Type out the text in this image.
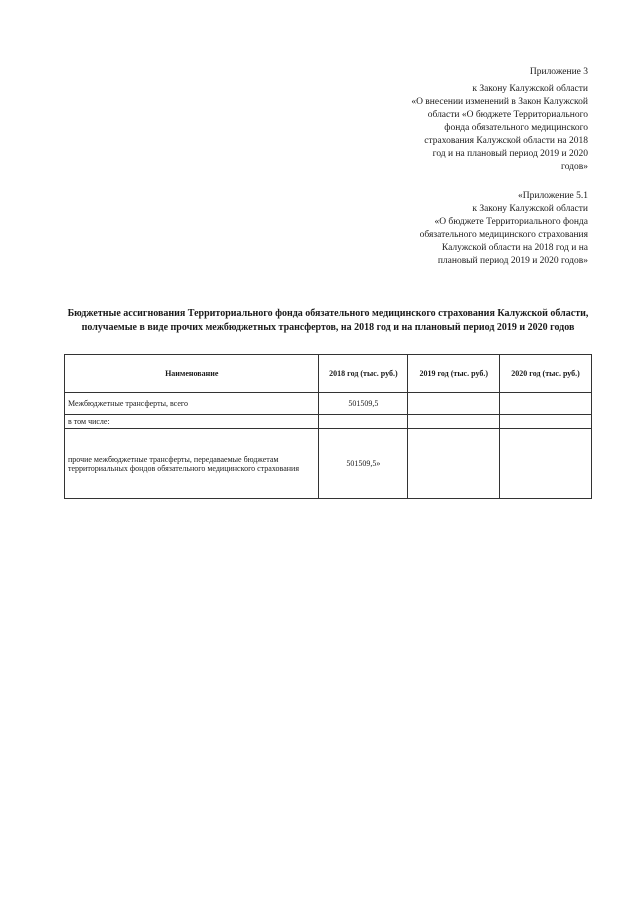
Приложение 3
к Закону Калужской области
«О внесении изменений в Закон Калужской
области «О бюджете Территориального
фонда обязательного медицинского
страхования Калужской области на 2018
год и на плановый период 2019 и 2020
годов»
«Приложение 5.1
к Закону Калужской области
«О бюджете Территориального фонда
обязательного медицинского страхования
Калужской области на 2018 год и на
плановый период 2019 и 2020 годов»
Бюджетные ассигнования Территориального фонда обязательного медицинского страхования Калужской области,
получаемые в виде прочих межбюджетных трансфертов, на 2018 год и на плановый период 2019 и 2020 годов
Наименование	2018 год (тыс. руб.)	2019 год (тыс. руб.)	2020 год (тыс. руб.)
Межбюджетные трансферты, всего	501509,5		
в том числе:			
прочие межбюджетные трансферты, передаваемые бюджетам территориальных фондов обязательного медицинского страхования	501509,5»		
